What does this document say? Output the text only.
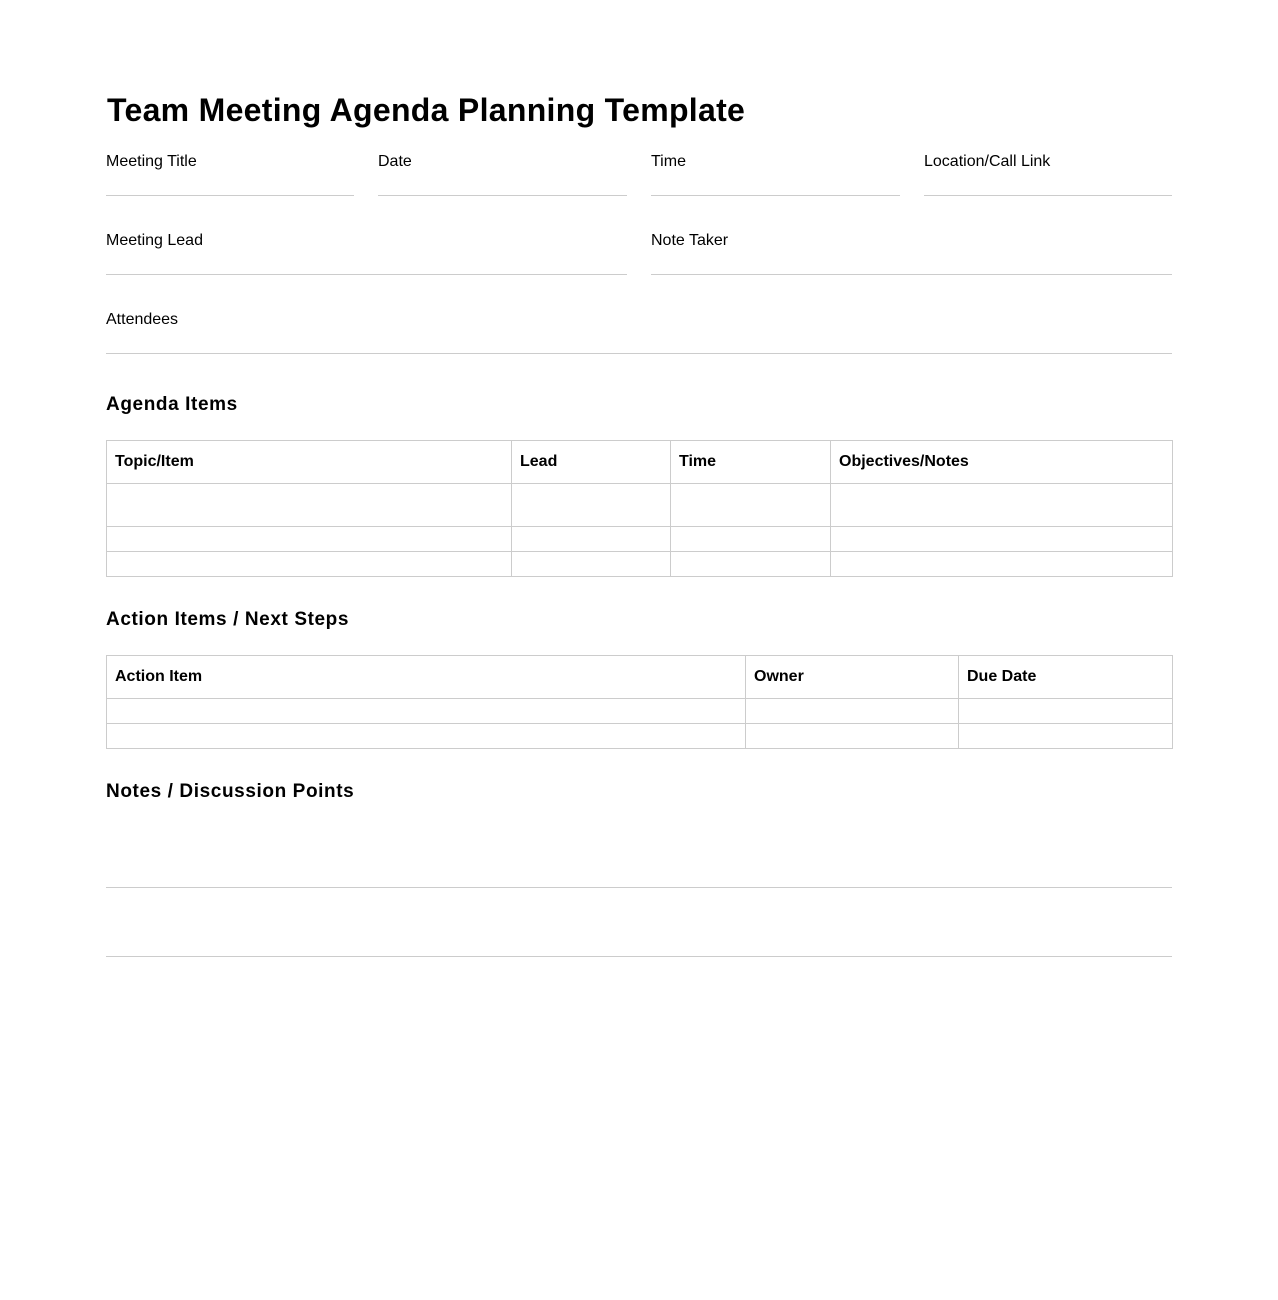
Team Meeting Agenda Planning Template
Meeting Title	Date	Time	Location/Call Link
Meeting Lead	Note Taker
Attendees
Agenda Items
Topic/Item	Lead	Time	Objectives/Notes

Action Items / Next Steps
Action Item	Owner	Due Date

Notes / Discussion Points
